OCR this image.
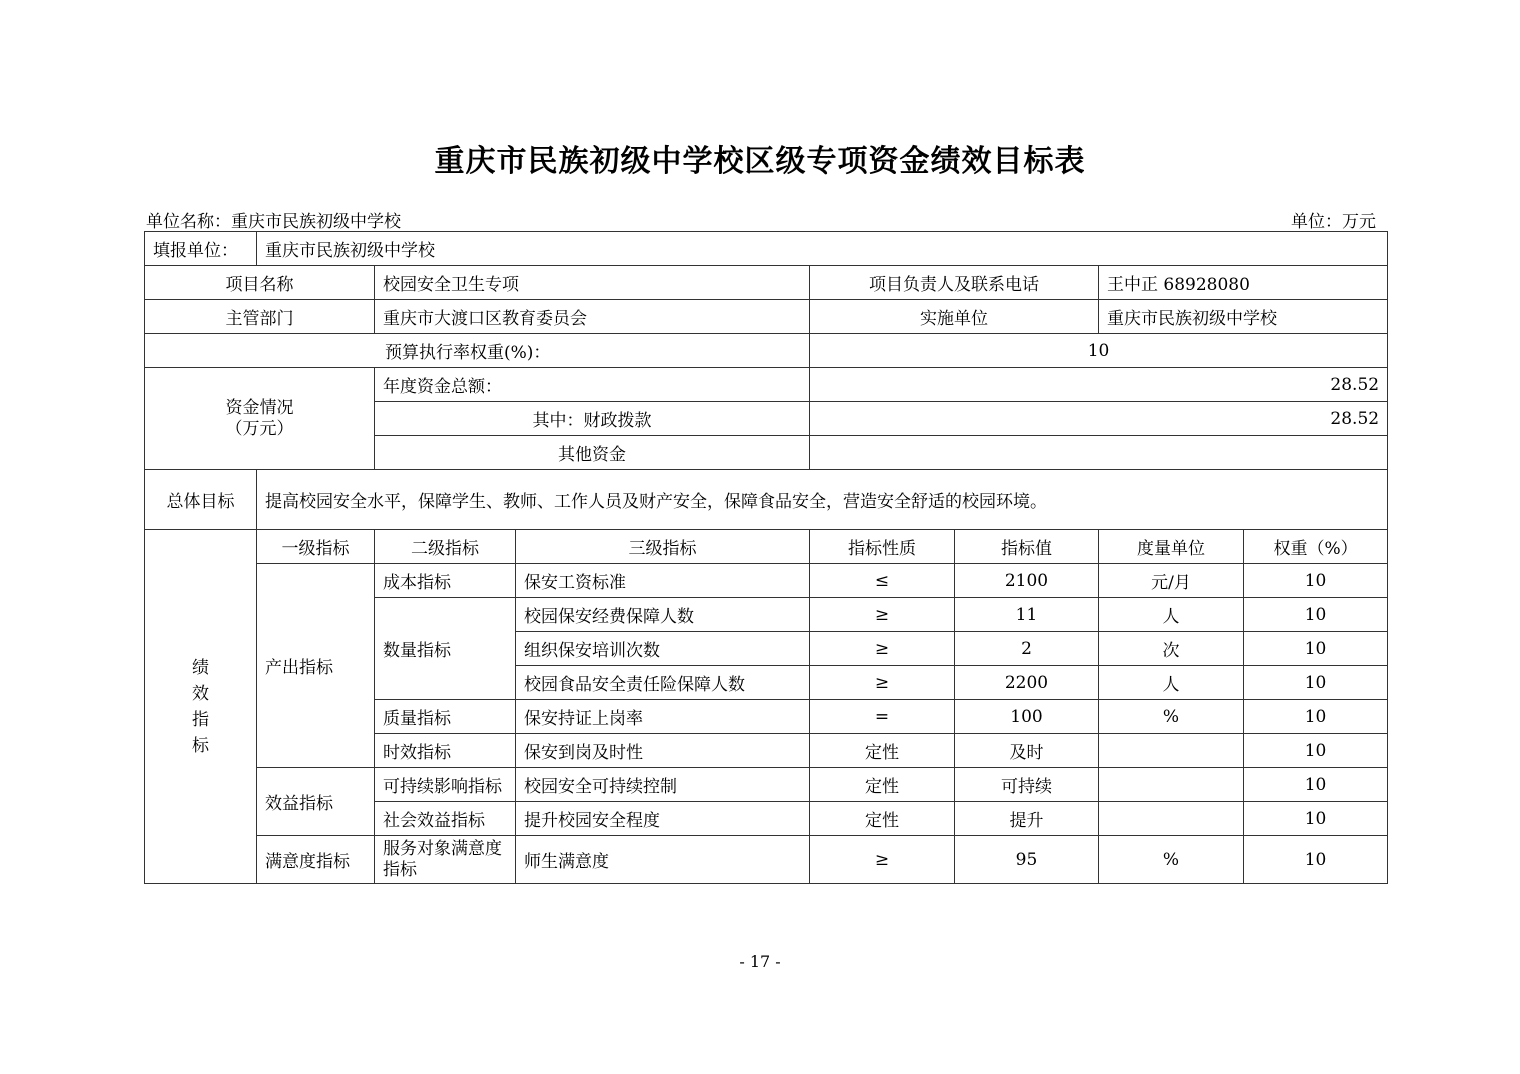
重庆市民族初级中学校区级专项资金绩效目标表
单位名称：重庆市民族初级中学校	单位：万元
填报单位：	重庆市民族初级中学校						
项目名称		校园安全卫生专项		项目负责人及联系电话		王中正 68928080	
主管部门		重庆市大渡口区教育委员会		实施单位		重庆市民族初级中学校	
预算执行率权重(%)：				10			

资金情况
（万元）		年度资金总额：		28.52			
		其中：财政拨款		28.52			
		其他资金					
总体目标	提高校园安全水平，保障学生、教师、工作人员及财产安全，保障食品安全，营造安全舒适的校园环境。						

绩效指标	一级指标	二级指标	三级指标	指标性质	指标值	度量单位	权重（%）
	产出指标	成本指标	保安工资标准	≤	2100	元/月	10
		数量指标	校园保安经费保障人数	≥	11	人	10
			组织保安培训次数	≥	2	次	10
			校园食品安全责任险保障人数	≥	2200	人	10
		质量指标	保安持证上岗率	=	100	%	10
		时效指标	保安到岗及时性	定性	及时		10
	效益指标	可持续影响指标	校园安全可持续控制	定性	可持续		10
		社会效益指标	提升校园安全程度	定性	提升		10
	满意度指标	服务对象满意度指标	师生满意度	≥	95	%	10
- 17 -
